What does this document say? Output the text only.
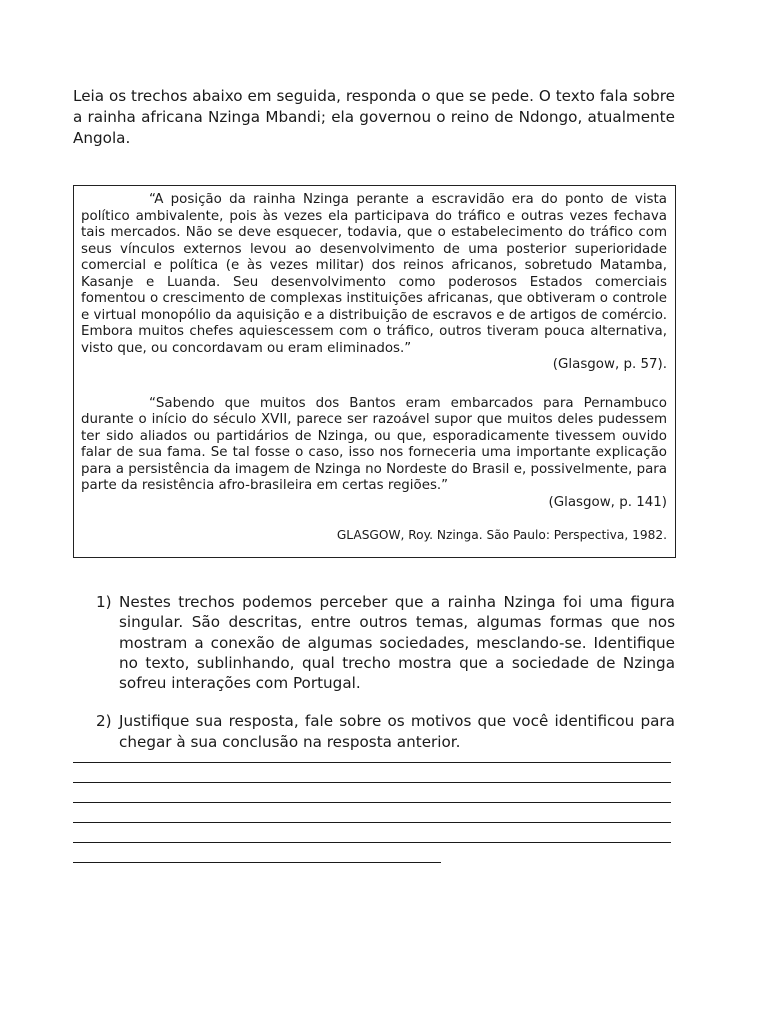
Leia os trechos abaixo em seguida, responda o que se pede. O texto fala sobre a rainha africana Nzinga Mbandi; ela governou o reino de Ndongo, atualmente Angola.

“A posição da rainha Nzinga perante a escravidão era do ponto de vista político ambivalente, pois às vezes ela participava do tráfico e outras vezes fechava tais mercados. Não se deve esquecer, todavia, que o estabelecimento do tráfico com seus vínculos externos levou ao desenvolvimento de uma posterior superioridade comercial e política (e às vezes militar) dos reinos africanos, sobretudo Matamba, Kasanje e Luanda. Seu desenvolvimento como poderosos Estados comerciais fomentou o crescimento de complexas instituições africanas, que obtiveram o controle e virtual monopólio da aquisição e a distribuição de escravos e de artigos de comércio. Embora muitos chefes aquiescessem com o tráfico, outros tiveram pouca alternativa, visto que, ou concordavam ou eram eliminados.”

(Glasgow, p. 57).

“Sabendo que muitos dos Bantos eram embarcados para Pernambuco durante o início do século XVII, parece ser razoável supor que muitos deles pudessem ter sido aliados ou partidários de Nzinga, ou que, esporadicamente tivessem ouvido falar de sua fama. Se tal fosse o caso, isso nos forneceria uma importante explicação para a persistência da imagem de Nzinga no Nordeste do Brasil e, possivelmente, para parte da resistência afro-brasileira em certas regiões.”

(Glasgow, p. 141)

GLASGOW, Roy. Nzinga. São Paulo: Perspectiva, 1982.

1) Nestes trechos podemos perceber que a rainha Nzinga foi uma figura singular. São descritas, entre outros temas, algumas formas que nos mostram a conexão de algumas sociedades, mesclando-se. Identifique no texto, sublinhando, qual trecho mostra que a sociedade de Nzinga sofreu interações com Portugal.
2) Justifique sua resposta, fale sobre os motivos que você identificou para chegar à sua conclusão na resposta anterior.
